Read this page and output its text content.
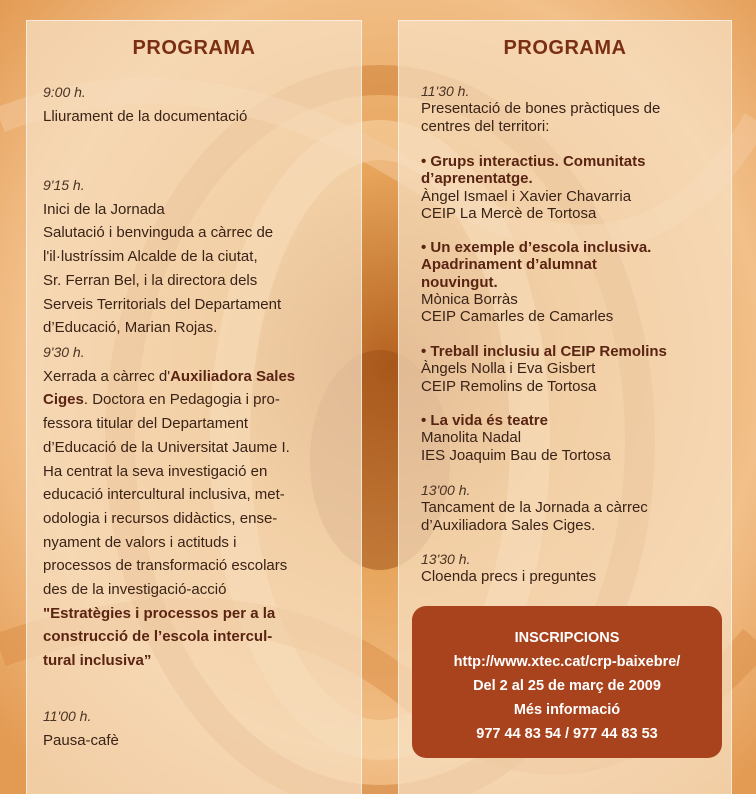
PROGRAMA
9:00 h.
Lliurament de la documentació
9'15 h.
Inici de la Jornada
Salutació i benvinguda a càrrec de
l'il·lustríssim Alcalde de la ciutat,
Sr. Ferran Bel, i la directora dels
Serveis Territorials del Departament
d’Educació, Marian Rojas.
9'30 h.
Xerrada a càrrec d'Auxiliadora Sales
Ciges. Doctora en Pedagogia i pro-
fessora titular del Departament
d’Educació de la Universitat Jaume I.
Ha centrat la seva investigació en
educació intercultural inclusiva, met-
odologia i recursos didàctics, ense-
nyament de valors i actituds i
processos de transformació escolars
des de la investigació-acció
"Estratègies i processos per a la
construcció de l’escola intercul-
tural inclusiva”
11'00 h.
Pausa-cafè
PROGRAMA
11'30 h.
Presentació de bones pràctiques de
centres del territori:
• Grups interactius. Comunitats
d’aprenentatge.
Àngel Ismael i Xavier Chavarria
CEIP La Mercè de Tortosa
• Un exemple d’escola inclusiva.
Apadrinament d’alumnat
nouvingut.
Mònica Borràs
CEIP Camarles de Camarles
• Treball inclusiu al CEIP Remolins
Àngels Nolla i Eva Gisbert
CEIP Remolins de Tortosa
• La vida és teatre
Manolita Nadal
IES Joaquim Bau de Tortosa
13'00 h.
Tancament de la Jornada a càrrec
d’Auxiliadora Sales Ciges.
13'30 h.
Cloenda precs i preguntes
INSCRIPCIONS
http://www.xtec.cat/crp-baixebre/
Del 2 al 25 de març de 2009
Més informació
977 44 83 54 / 977 44 83 53
